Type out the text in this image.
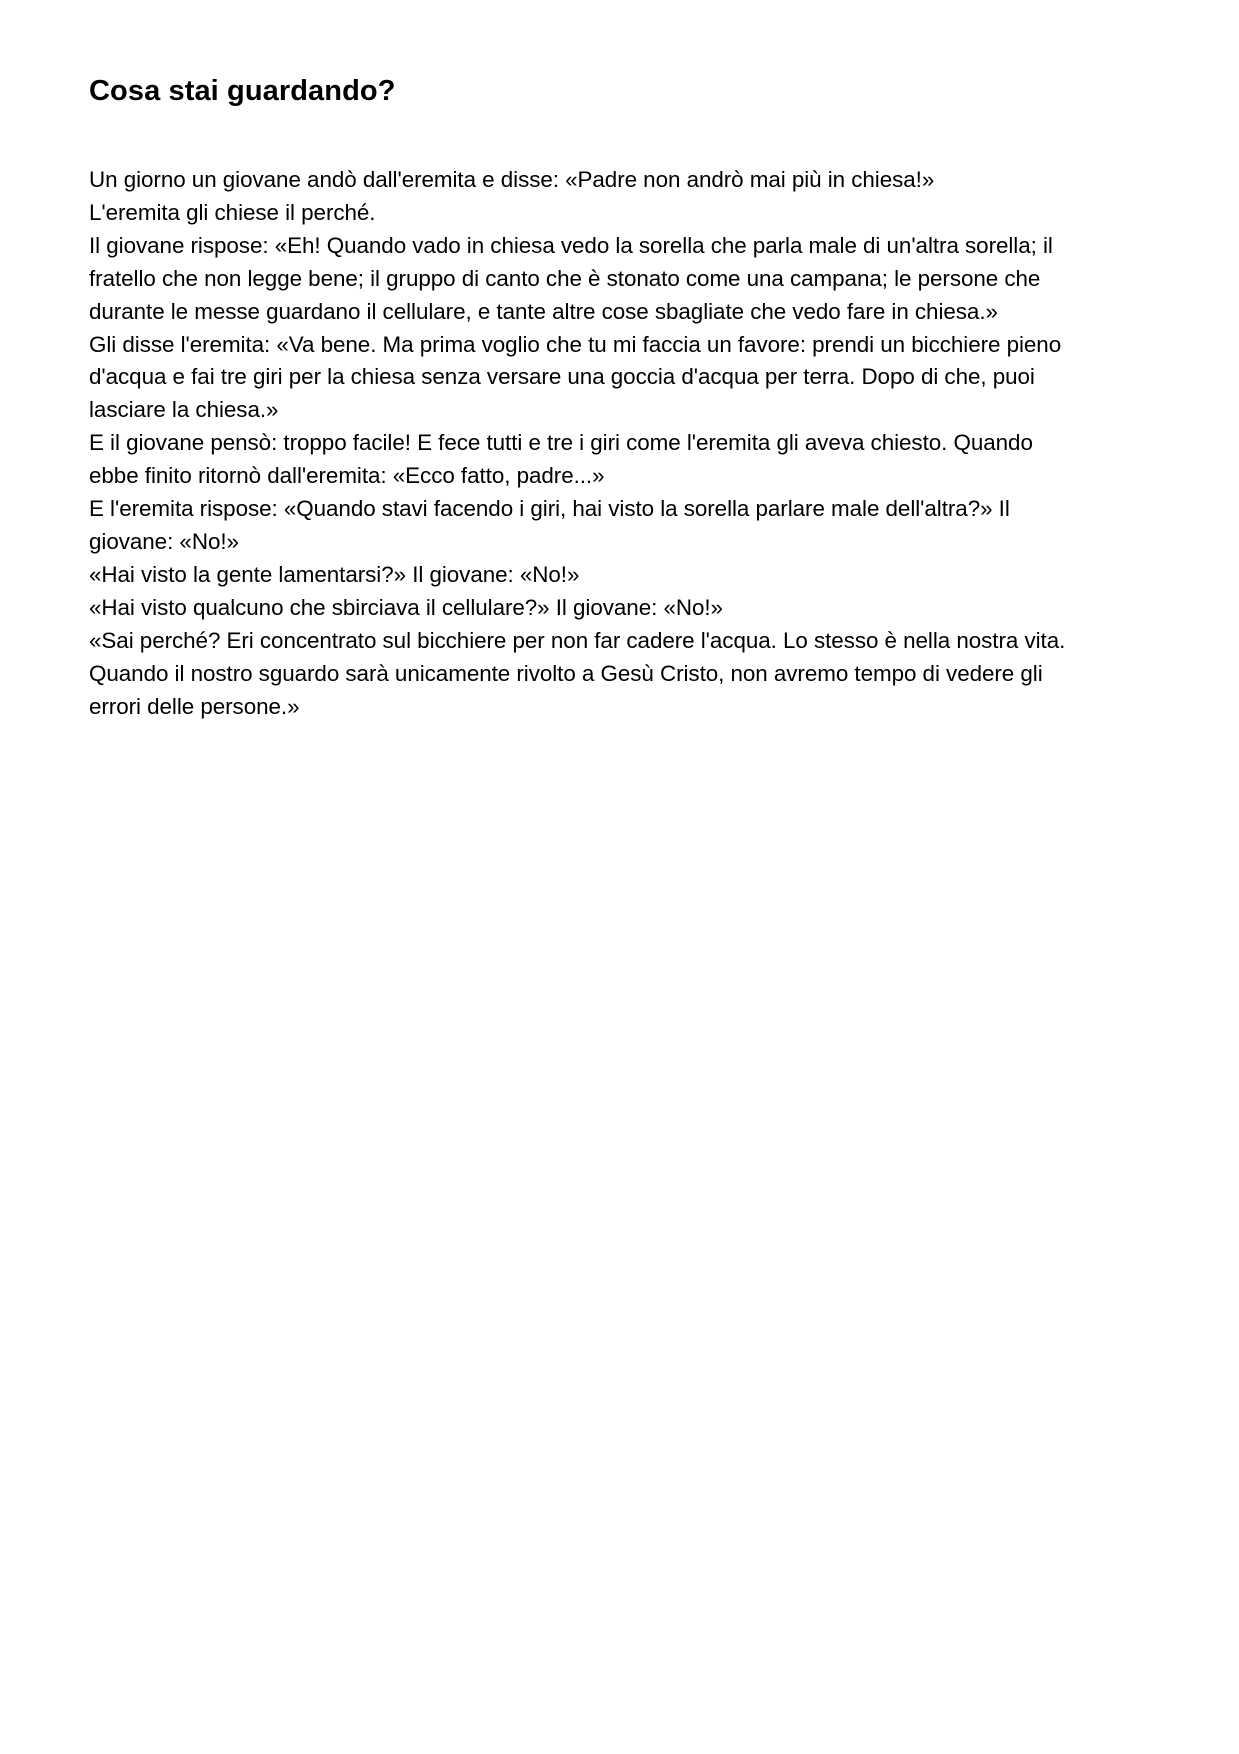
Cosa stai guardando?
Un giorno un giovane andò dall'eremita e disse: «Padre non andrò mai più in chiesa!»
L'eremita gli chiese il perché.
Il giovane rispose: «Eh! Quando vado in chiesa vedo la sorella che parla male di un'altra sorella; il
fratello che non legge bene; il gruppo di canto che è stonato come una campana; le persone che
durante le messe guardano il cellulare, e tante altre cose sbagliate che vedo fare in chiesa.»
Gli disse l'eremita: «Va bene. Ma prima voglio che tu mi faccia un favore: prendi un bicchiere pieno
d'acqua e fai tre giri per la chiesa senza versare una goccia d'acqua per terra. Dopo di che, puoi
lasciare la chiesa.»
E il giovane pensò: troppo facile! E fece tutti e tre i giri come l'eremita gli aveva chiesto. Quando
ebbe finito ritornò dall'eremita: «Ecco fatto, padre...»
E l'eremita rispose: «Quando stavi facendo i giri, hai visto la sorella parlare male dell'altra?» Il
giovane: «No!»
«Hai visto la gente lamentarsi?» Il giovane: «No!»
«Hai visto qualcuno che sbirciava il cellulare?» Il giovane: «No!»
«Sai perché? Eri concentrato sul bicchiere per non far cadere l'acqua. Lo stesso è nella nostra vita.
Quando il nostro sguardo sarà unicamente rivolto a Gesù Cristo, non avremo tempo di vedere gli
errori delle persone.»
